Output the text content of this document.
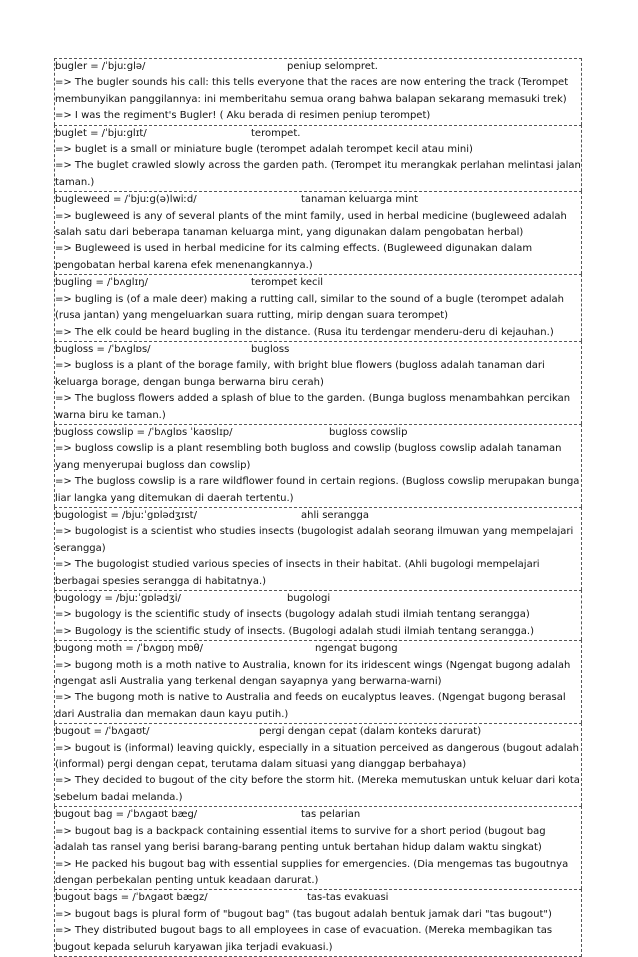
bugler = /ˈbjuːglə/	peniup selompret.
=> The bugler sounds his call: this tells everyone that the races are now entering the track (Terompet membunyikan panggilannya: ini memberitahu semua orang bahwa balapan sekarang memasuki trek)
=> I was the regiment's Bugler! ( Aku berada di resimen peniup terompet)
buglet = /ˈbjuːglɪt/	terompet.
=> buglet is a small or miniature bugle (terompet adalah terompet kecil atau mini)
=> The buglet crawled slowly across the garden path. (Terompet itu merangkak perlahan melintasi jalan taman.)
bugleweed = /ˈbjuːg(ə)lwiːd/	tanaman keluarga mint
=> bugleweed is any of several plants of the mint family, used in herbal medicine (bugleweed adalah salah satu dari beberapa tanaman keluarga mint, yang digunakan dalam pengobatan herbal)
=> Bugleweed is used in herbal medicine for its calming effects. (Bugleweed digunakan dalam pengobatan herbal karena efek menenangkannya.)
bugling = /ˈbʌglɪŋ/	terompet kecil
=> bugling is (of a male deer) making a rutting call, similar to the sound of a bugle (terompet adalah (rusa jantan) yang mengeluarkan suara rutting, mirip dengan suara terompet)
=> The elk could be heard bugling in the distance. (Rusa itu terdengar menderu-deru di kejauhan.)
bugloss = /ˈbʌglɒs/	bugloss
=> bugloss is a plant of the borage family, with bright blue flowers (bugloss adalah tanaman dari keluarga borage, dengan bunga berwarna biru cerah)
=> The bugloss flowers added a splash of blue to the garden. (Bunga bugloss menambahkan percikan warna biru ke taman.)
bugloss cowslip = /ˈbʌglɒs ˈkaʊslɪp/	bugloss cowslip
=> bugloss cowslip is a plant resembling both bugloss and cowslip (bugloss cowslip adalah tanaman yang menyerupai bugloss dan cowslip)
=> The bugloss cowslip is a rare wildflower found in certain regions. (Bugloss cowslip merupakan bunga liar langka yang ditemukan di daerah tertentu.)
bugologist = /bjuːˈgɒlədʒɪst/	ahli serangga
=> bugologist is a scientist who studies insects (bugologist adalah seorang ilmuwan yang mempelajari serangga)
=> The bugologist studied various species of insects in their habitat. (Ahli bugologi mempelajari berbagai spesies serangga di habitatnya.)
bugology = /bjuːˈgɒlədʒi/	bugologi
=> bugology is the scientific study of insects (bugology adalah studi ilmiah tentang serangga)
=> Bugology is the scientific study of insects. (Bugologi adalah studi ilmiah tentang serangga.)
bugong moth = /ˈbʌgɒŋ mɒθ/	ngengat bugong
=> bugong moth is a moth native to Australia, known for its iridescent wings (Ngengat bugong adalah ngengat asli Australia yang terkenal dengan sayapnya yang berwarna-warni)
=> The bugong moth is native to Australia and feeds on eucalyptus leaves. (Ngengat bugong berasal dari Australia dan memakan daun kayu putih.)
bugout = /ˈbʌgaʊt/	pergi dengan cepat (dalam konteks darurat)
=> bugout is (informal) leaving quickly, especially in a situation perceived as dangerous (bugout adalah (informal) pergi dengan cepat, terutama dalam situasi yang dianggap berbahaya)
=> They decided to bugout of the city before the storm hit. (Mereka memutuskan untuk keluar dari kota sebelum badai melanda.)
bugout bag = /ˈbʌgaʊt bæg/	tas pelarian
=> bugout bag is a backpack containing essential items to survive for a short period (bugout bag adalah tas ransel yang berisi barang-barang penting untuk bertahan hidup dalam waktu singkat)
=> He packed his bugout bag with essential supplies for emergencies. (Dia mengemas tas bugoutnya dengan perbekalan penting untuk keadaan darurat.)
bugout bags = /ˈbʌgaʊt bægz/	tas-tas evakuasi
=> bugout bags is plural form of "bugout bag" (tas bugout adalah bentuk jamak dari "tas bugout")
=> They distributed bugout bags to all employees in case of evacuation. (Mereka membagikan tas bugout kepada seluruh karyawan jika terjadi evakuasi.)
